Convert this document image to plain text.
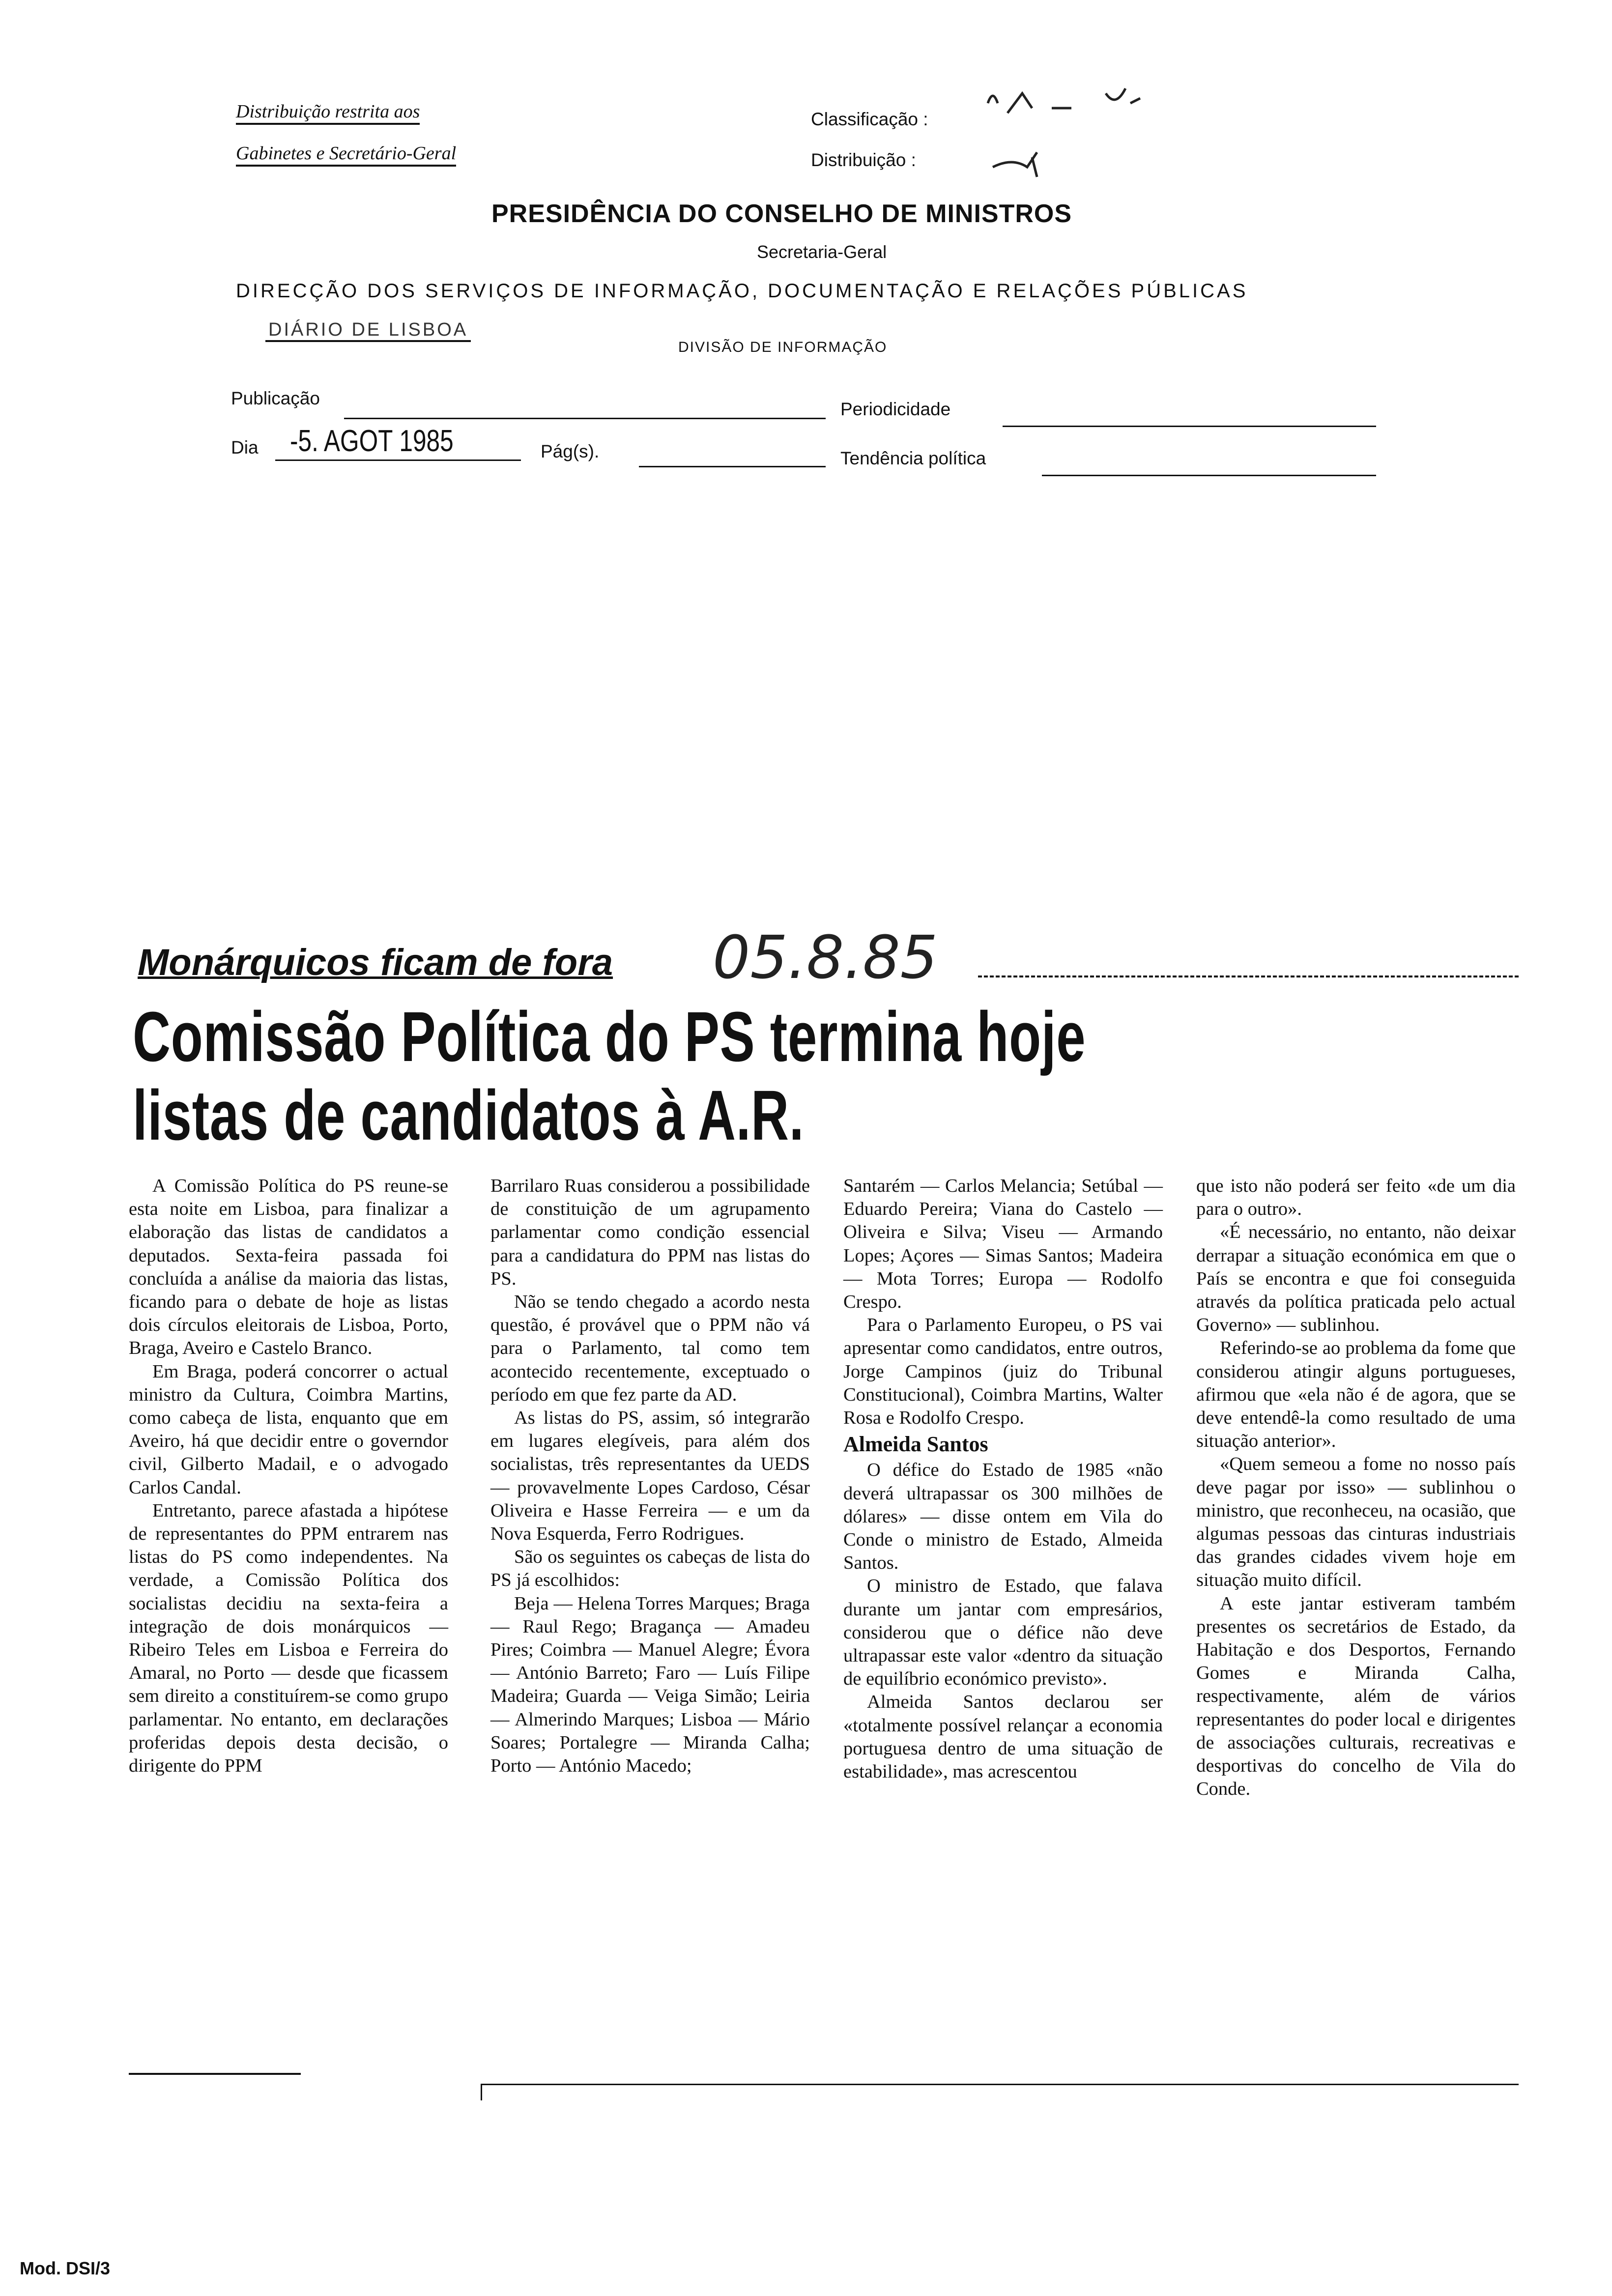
Distribuição restrita aos
Gabinetes e Secretário-Geral
Classificação :
Distribuição :
PRESIDÊNCIA DO CONSELHO DE MINISTROS
Secretaria-Geral
DIRECÇÃO DOS SERVIÇOS DE INFORMAÇÃO, DOCUMENTAÇÃO E RELAÇÕES PÚBLICAS
DIÁRIO DE LISBOA
DIVISÃO DE INFORMAÇÃO
Publicação
Periodicidade
Dia -5. AGOT 1985	Pág(s).	Tendência política
Monárquicos ficam de fora
Comissão Política do PS termina hoje
listas de candidatos à A.R.
05.8.85

A Comissão Política do PS reune-se esta noite em Lisboa, para finalizar a elaboração das listas de candidatos a deputados. Sexta-feira passada foi concluída a análise da maioria das listas, ficando para o debate de hoje as listas dois círculos eleitorais de Lisboa, Porto, Braga, Aveiro e Castelo Branco.

Em Braga, poderá concorrer o actual ministro da Cultura, Coimbra Martins, como cabeça de lista, enquanto que em Aveiro, há que decidir entre o governdor civil, Gilberto Madail, e o advogado Carlos Candal.

Entretanto, parece afastada a hipótese de representantes do PPM entrarem nas listas do PS como independentes. Na verdade, a Comissão Política dos socialistas decidiu na sexta-feira a integração de dois monárquicos — Ribeiro Teles em Lisboa e Ferreira do Amaral, no Porto — desde que ficassem sem direito a constituírem-se como grupo parlamentar. No entanto, em declarações proferidas depois desta decisão, o dirigente do PPM

Barrilaro Ruas considerou a possibilidade de constituição de um agrupamento parlamentar como condição essencial para a candidatura do PPM nas listas do PS.

Não se tendo chegado a acordo nesta questão, é provável que o PPM não vá para o Parlamento, tal como tem acontecido recentemente, exceptuado o período em que fez parte da AD.

As listas do PS, assim, só integrarão em lugares elegíveis, para além dos socialistas, três representantes da UEDS — provavelmente Lopes Cardoso, César Oliveira e Hasse Ferreira — e um da Nova Esquerda, Ferro Rodrigues.

São os seguintes os cabeças de lista do PS já escolhidos:

Beja — Helena Torres Marques; Braga — Raul Rego; Bragança — Amadeu Pires; Coimbra — Manuel Alegre; Évora — António Barreto; Faro — Luís Filipe Madeira; Guarda — Veiga Simão; Leiria — Almerindo Marques; Lisboa — Mário Soares; Portalegre — Miranda Calha; Porto — António Macedo;

Santarém — Carlos Melancia; Setúbal — Eduardo Pereira; Viana do Castelo — Oliveira e Silva; Viseu — Armando Lopes; Açores — Simas Santos; Madeira — Mota Torres; Europa — Rodolfo Crespo.

Para o Parlamento Europeu, o PS vai apresentar como candidatos, entre outros, Jorge Campinos (juiz do Tribunal Constitucional), Coimbra Martins, Walter Rosa e Rodolfo Crespo.

Almeida Santos

O défice do Estado de 1985 «não deverá ultrapassar os 300 milhões de dólares» — disse ontem em Vila do Conde o ministro de Estado, Almeida Santos.

O ministro de Estado, que falava durante um jantar com empresários, considerou que o défice não deve ultrapassar este valor «dentro da situação de equilíbrio económico previsto».

Almeida Santos declarou ser «totalmente possível relançar a economia portuguesa dentro de uma situação de estabilidade», mas acrescentou

que isto não poderá ser feito «de um dia para o outro».

«É necessário, no entanto, não deixar derrapar a situação económica em que o País se encontra e que foi conseguida através da política praticada pelo actual Governo» — sublinhou.

Referindo-se ao problema da fome que considerou atingir alguns portugueses, afirmou que «ela não é de agora, que se deve entendê-la como resultado de uma situação anterior».

«Quem semeou a fome no nosso país deve pagar por isso» — sublinhou o ministro, que reconheceu, na ocasião, que algumas pessoas das cinturas industriais das grandes cidades vivem hoje em situação muito difícil.

A este jantar estiveram também presentes os secretários de Estado, da Habitação e dos Desportos, Fernando Gomes e Miranda Calha, respectivamente, além de vários representantes do poder local e dirigentes de associações culturais, recreativas e desportivas do concelho de Vila do Conde.

Mod. DSI/3
